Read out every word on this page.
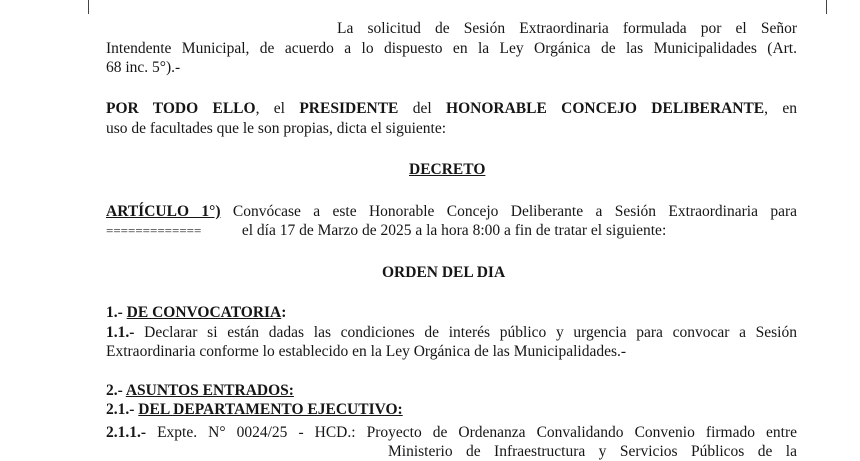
La solicitud de Sesión Extraordinaria formulada por el Señor
Intendente Municipal, de acuerdo a lo dispuesto en la Ley Orgánica de las Municipalidades (Art.
68 inc. 5°).-
POR TODO ELLO, el PRESIDENTE del HONORABLE CONCEJO DELIBERANTE, en
uso de facultades que le son propias, dicta el siguiente:
DECRETO
ARTÍCULO 1°) Convócase a este Honorable Concejo Deliberante a Sesión Extraordinaria para
=============	el día 17 de Marzo de 2025 a la hora 8:00 a fin de tratar el siguiente:
ORDEN DEL DIA
1.- DE CONVOCATORIA:
1.1.- Declarar si están dadas las condiciones de interés público y urgencia para convocar a Sesión
Extraordinaria conforme lo establecido en la Ley Orgánica de las Municipalidades.-
2.- ASUNTOS ENTRADOS:
2.1.- DEL DEPARTAMENTO EJECUTIVO:
2.1.1.- Expte. N° 0024/25 - HCD.: Proyecto de Ordenanza Convalidando Convenio firmado entre
Ministerio de Infraestructura y Servicios Públicos de la
